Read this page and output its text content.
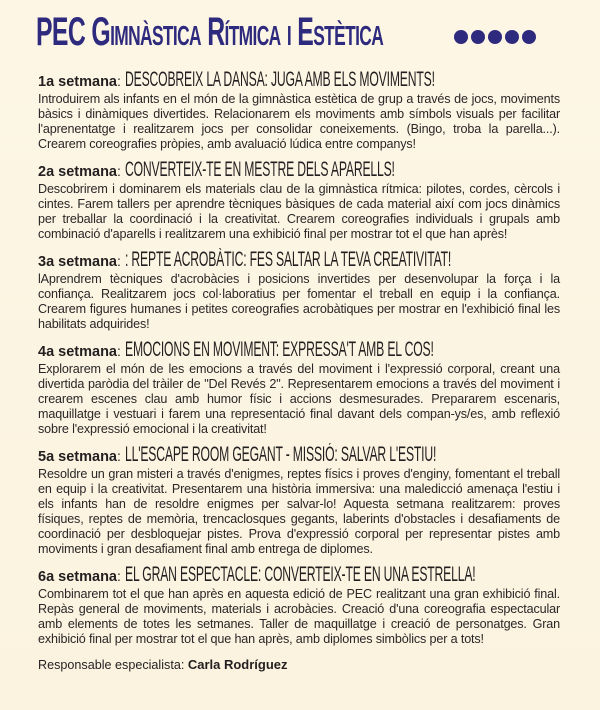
PEC Gimnàstica Rítmica i Estètica
1a setmana: DESCOBREIX LA DANSA: JUGA AMB ELS MOVIMENTS!

Introduirem als infants en el món de la gimnàstica estètica de grup a través de jocs, moviments bàsics i dinàmiques divertides. Relacionarem els moviments amb símbols visuals per facilitar l'aprenentatge i realitzarem jocs per consolidar coneixements. (Bingo, troba la parella...). Crearem coreografies pròpies, amb avaluació lúdica entre companys!

2a setmana: CONVERTEIX-TE EN MESTRE DELS APARELLS!

Descobrirem i dominarem els materials clau de la gimnàstica rítmica: pilotes, cordes, cèrcols i cintes. Farem tallers per aprendre tècniques bàsiques de cada material així com jocs dinàmics per treballar la coordinació i la creativitat. Crearem coreografies individuals i grupals amb combinació d'aparells i realitzarem una exhibició final per mostrar tot el que han après!

3a setmana: : REPTE ACROBÀTIC: FES SALTAR LA TEVA CREATIVITAT!

lAprendrem tècniques d'acrobàcies i posicions invertides per desenvolupar la força i la confiança. Realitzarem jocs col·laboratius per fomentar el treball en equip i la confiança. Crearem figures humanes i petites coreografies acrobàtiques per mostrar en l'exhibició final les habilitats adquirides!

4a setmana: EMOCIONS EN MOVIMENT: EXPRESSA'T AMB EL COS!

Explorarem el món de les emocions a través del moviment i l'expressió corporal, creant una divertida paròdia del tràiler de "Del Revés 2". Representarem emocions a través del moviment i crearem escenes clau amb humor físic i accions desmesurades. Prepararem escenaris, maquillatge i vestuari i farem una representació final davant dels compan-ys/es, amb reflexió sobre l'expressió emocional i la creativitat!

5a setmana: LL'ESCAPE ROOM GEGANT - MISSIÓ: SALVAR L'ESTIU!

Resoldre un gran misteri a través d'enigmes, reptes físics i proves d'enginy, fomentant el treball en equip i la creativitat. Presentarem una història immersiva: una maledicció amenaça l'estiu i els infants han de resoldre enigmes per salvar-lo! Aquesta setmana realitzarem: proves físiques, reptes de memòria, trencaclosques gegants, laberints d'obstacles i desafiaments de coordinació per desbloquejar pistes. Prova d'expressió corporal per representar pistes amb moviments i gran desafiament final amb entrega de diplomes.

6a setmana: EL GRAN ESPECTACLE: CONVERTEIX-TE EN UNA ESTRELLA!

Combinarem tot el que han après en aquesta edició de PEC realitzant una gran exhibició final. Repàs general de moviments, materials i acrobàcies. Creació d'una coreografia espectacular amb elements de totes les setmanes. Taller de maquillatge i creació de personatges. Gran exhibició final per mostrar tot el que han après, amb diplomes simbòlics per a tots!

Responsable especialista: Carla Rodríguez
